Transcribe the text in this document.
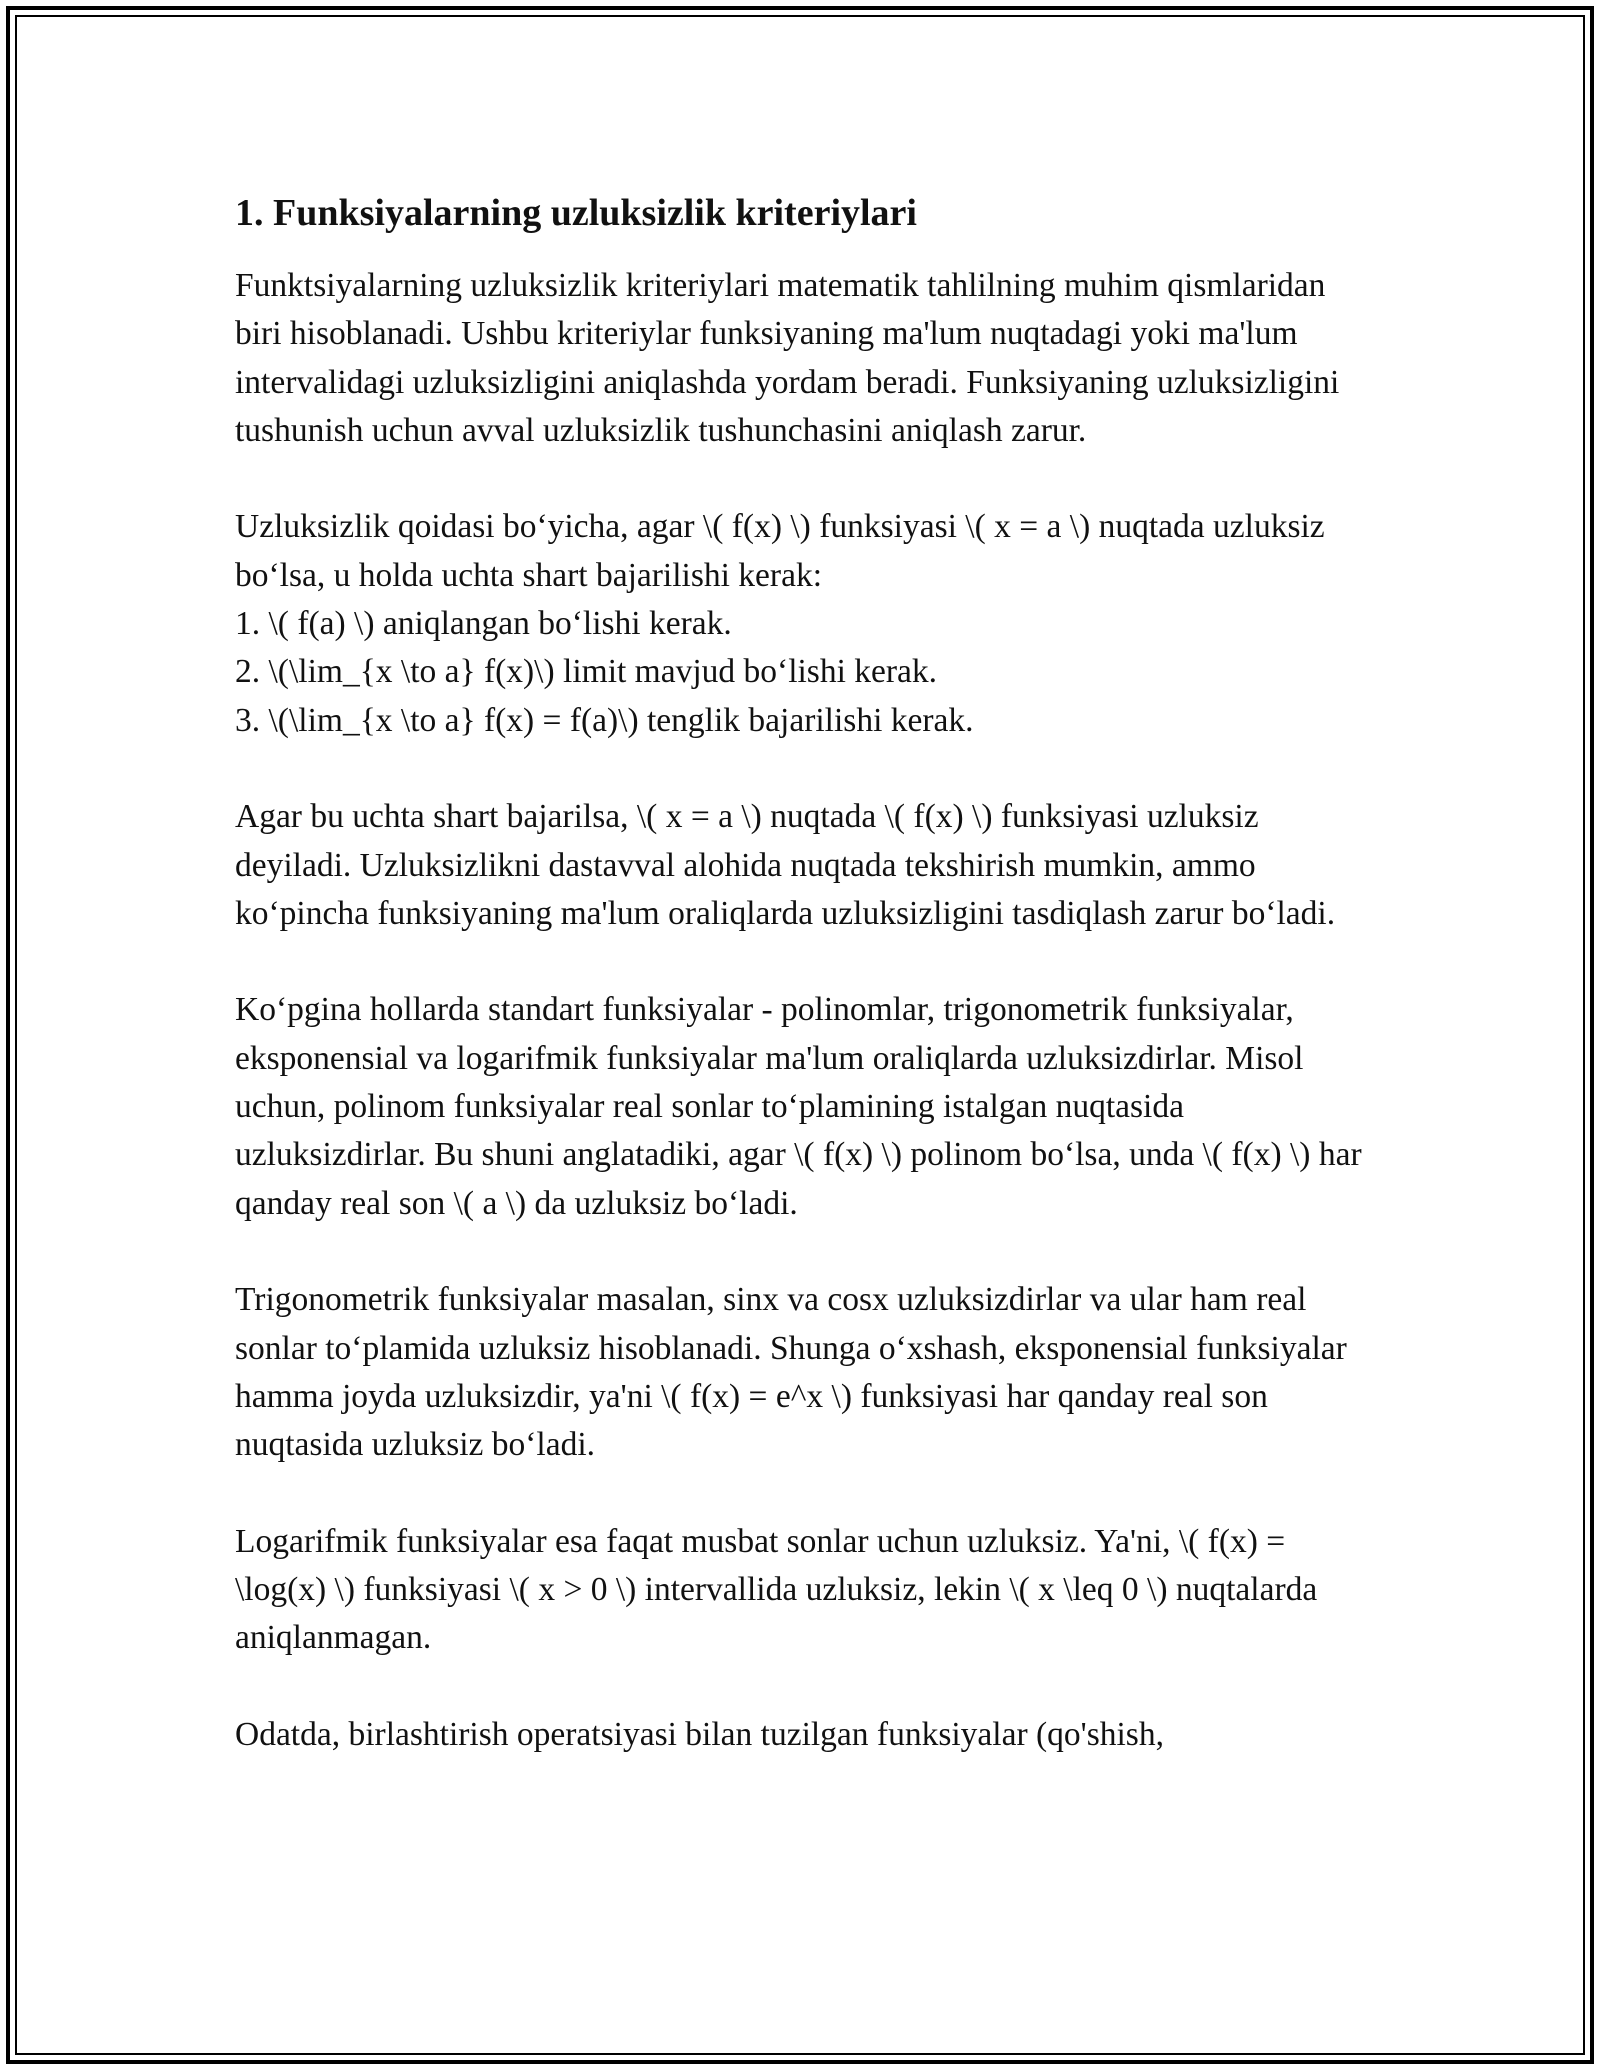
1. Funksiyalarning uzluksizlik kriteriylari

Funktsiyalarning uzluksizlik kriteriylari matematik tahlilning muhim qismlaridan biri hisoblanadi. Ushbu kriteriylar funksiyaning ma'lum nuqtadagi yoki ma'lum intervalidagi uzluksizligini aniqlashda yordam beradi. Funksiyaning uzluksizligini tushunish uchun avval uzluksizlik tushunchasini aniqlash zarur.

Uzluksizlik qoidasi bo‘yicha, agar \( f(x) \) funksiyasi \( x = a \) nuqtada uzluksiz bo‘lsa, u holda uchta shart bajarilishi kerak:

1. \( f(a) \) aniqlangan bo‘lishi kerak.

2. \(\lim_{x \to a} f(x)\) limit mavjud bo‘lishi kerak.

3. \(\lim_{x \to a} f(x) = f(a)\) tenglik bajarilishi kerak.

Agar bu uchta shart bajarilsa, \( x = a \) nuqtada \( f(x) \) funksiyasi uzluksiz deyiladi. Uzluksizlikni dastavval alohida nuqtada tekshirish mumkin, ammo ko‘pincha funksiyaning ma'lum oraliqlarda uzluksizligini tasdiqlash zarur bo‘ladi.

Ko‘pgina hollarda standart funksiyalar - polinomlar, trigonometrik funksiyalar, eksponensial va logarifmik funksiyalar ma'lum oraliqlarda uzluksizdirlar. Misol uchun, polinom funksiyalar real sonlar to‘plamining istalgan nuqtasida uzluksizdirlar. Bu shuni anglatadiki, agar \( f(x) \) polinom bo‘lsa, unda \( f(x) \) har qanday real son \( a \) da uzluksiz bo‘ladi.

Trigonometrik funksiyalar masalan, sinx va cosx uzluksizdirlar va ular ham real sonlar to‘plamida uzluksiz hisoblanadi. Shunga o‘xshash, eksponensial funksiyalar hamma joyda uzluksizdir, ya'ni \( f(x) = e^x \) funksiyasi har qanday real son nuqtasida uzluksiz bo‘ladi.

Logarifmik funksiyalar esa faqat musbat sonlar uchun uzluksiz. Ya'ni, \( f(x) = \log(x) \) funksiyasi \( x > 0 \) intervallida uzluksiz, lekin \( x \leq 0 \) nuqtalarda aniqlanmagan.

Odatda, birlashtirish operatsiyasi bilan tuzilgan funksiyalar (qo'shish,
